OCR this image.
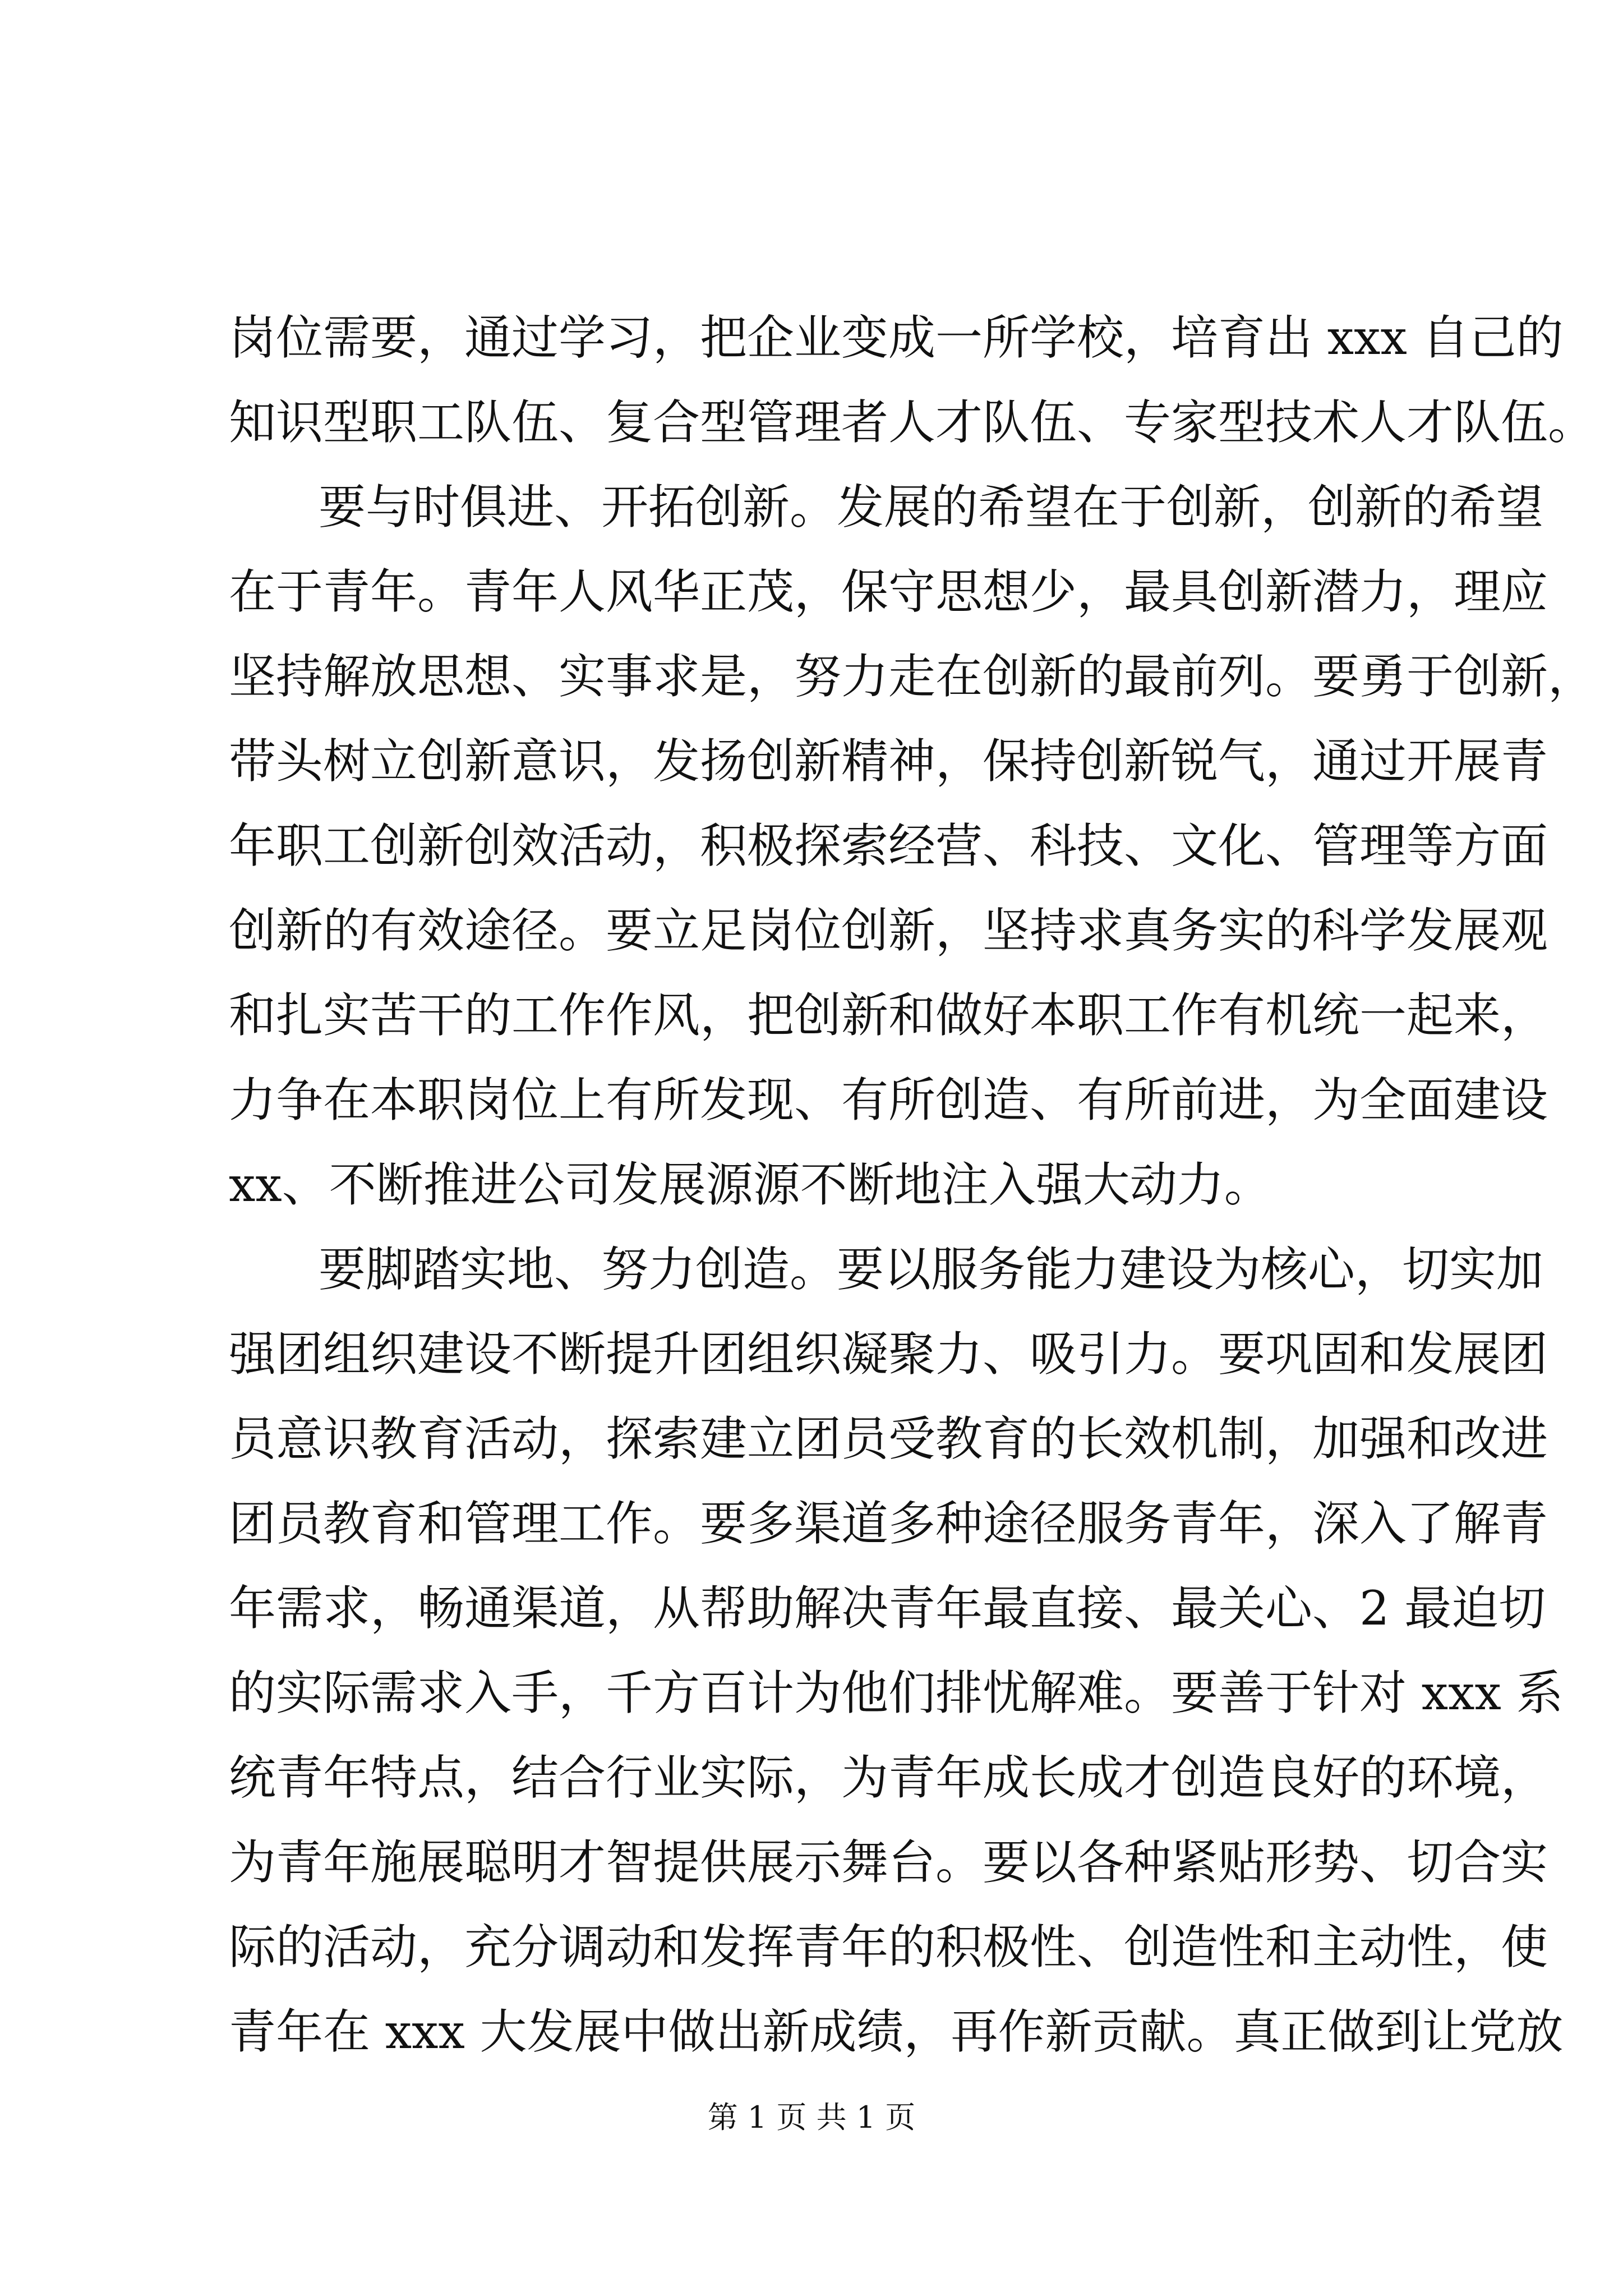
岗位需要，通过学习，把企业变成一所学校，培育出 xxx 自己的
知识型职工队伍、复合型管理者人才队伍、专家型技术人才队伍。
要与时俱进、开拓创新。发展的希望在于创新，创新的希望
在于青年。青年人风华正茂，保守思想少，最具创新潜力，理应
坚持解放思想、实事求是，努力走在创新的最前列。要勇于创新，
带头树立创新意识，发扬创新精神，保持创新锐气，通过开展青
年职工创新创效活动，积极探索经营、科技、文化、管理等方面
创新的有效途径。要立足岗位创新，坚持求真务实的科学发展观
和扎实苦干的工作作风，把创新和做好本职工作有机统一起来，
力争在本职岗位上有所发现、有所创造、有所前进，为全面建设
xx、不断推进公司发展源源不断地注入强大动力。
要脚踏实地、努力创造。要以服务能力建设为核心，切实加
强团组织建设不断提升团组织凝聚力、吸引力。要巩固和发展团
员意识教育活动，探索建立团员受教育的长效机制，加强和改进
团员教育和管理工作。要多渠道多种途径服务青年，深入了解青
年需求，畅通渠道，从帮助解决青年最直接、最关心、2 最迫切
的实际需求入手，千方百计为他们排忧解难。要善于针对 xxx 系
统青年特点，结合行业实际，为青年成长成才创造良好的环境，
为青年施展聪明才智提供展示舞台。要以各种紧贴形势、切合实
际的活动，充分调动和发挥青年的积极性、创造性和主动性，使
青年在 xxx 大发展中做出新成绩，再作新贡献。真正做到让党放
第 1 页 共 1 页
